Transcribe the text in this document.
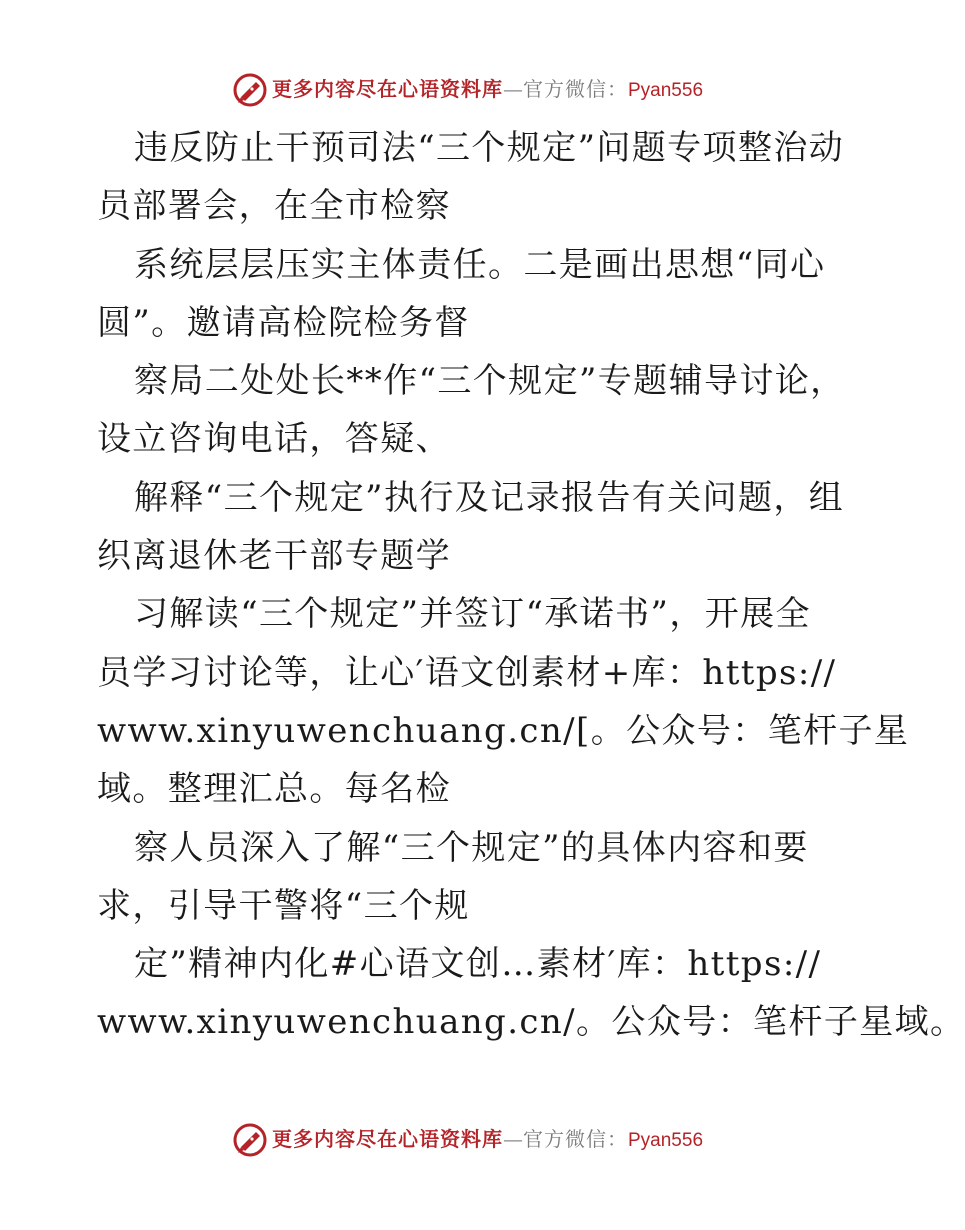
更多内容尽在心语资料库 — 官方微信： Pyan556
违反防止干预司法“三个规定”问题专项整治动
员部署会，在全市检察
系统层层压实主体责任。二是画出思想“同心
圆”。邀请高检院检务督
察局二处处长**作“三个规定”专题辅导讨论，
设立咨询电话，答疑、
解释“三个规定”执行及记录报告有关问题，组
织离退休老干部专题学
习解读“三个规定”并签订“承诺书”，开展全
员学习讨论等，让心′语文创素材+库：https://
www.xinyuwenchuang.cn/[。公众号：笔杆子星
域。整理汇总。每名检
察人员深入了解“三个规定”的具体内容和要
求，引导干警将“三个规
定”精神内化#心语文创…素材′库：https://
www.xinyuwenchuang.cn/。公众号：笔杆子星域。
更多内容尽在心语资料库 — 官方微信： Pyan556
